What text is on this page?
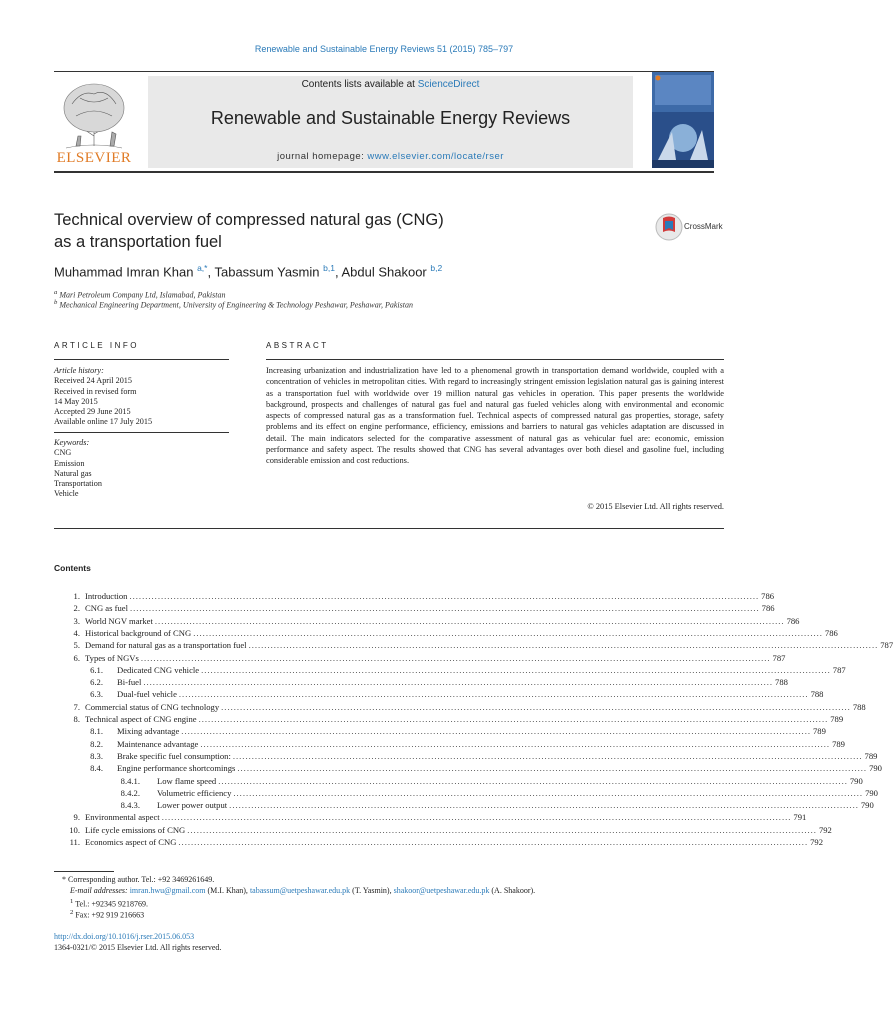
Renewable and Sustainable Energy Reviews 51 (2015) 785–797
ELSEVIER
Contents lists available at ScienceDirect
Renewable and Sustainable Energy Reviews
journal homepage: www.elsevier.com/locate/rser
Technical overview of compressed natural gas (CNG)
as a transportation fuel
CrossMark
Muhammad Imran Khan $^{a,*}$, Tabassum Yasmin $^{b,1}$, Abdul Shakoor $^{b,2}$
$^a$ Mari Petroleum Company Ltd, Islamabad, Pakistan
$^b$ Mechanical Engineering Department, University of Engineering & Technology Peshawar, Peshawar, Pakistan
ARTICLE INFO	ABSTRACT
Article history:
Received 24 April 2015
Received in revised form
14 May 2015
Accepted 29 June 2015
Available online 17 July 2015
Keywords:
CNG
Emission
Natural gas
Transportation
Vehicle
Increasing urbanization and industrialization have led to a phenomenal growth in transportation demand worldwide, coupled with a concentration of vehicles in metropolitan cities. With regard to increasingly stringent emission legislation natural gas is gaining interest as a transportation fuel with worldwide over 19 million natural gas vehicles in operation. This paper presents the worldwide background, prospects and challenges of natural gas fuel and natural gas fueled vehicles along with environmental and economic aspects of compressed natural gas as a transformation fuel. Technical aspects of compressed natural gas properties, storage, safety problems and its effect on engine performance, efficiency, emissions and barriers to natural gas vehicles adaptation are discussed in detail. The main indicators selected for the comparative assessment of natural gas as vehicular fuel are: economic, emission performance and safety aspect. The results showed that CNG has several advantages over both diesel and gasoline fuel, including considerable emission and cost reductions.
© 2015 Elsevier Ltd. All rights reserved.
Contents
1. Introduction ........................................................................................................................................................................................................ 786
2. CNG as fuel ........................................................................................................................................................................................................ 786
3. World NGV market ........................................................................................................................................................................................................ 786
4. Historical background of CNG ........................................................................................................................................................................................................ 786
5. Demand for natural gas as a transportation fuel ........................................................................................................................................................................................................ 787
6. Types of NGVs ........................................................................................................................................................................................................ 787
6.1. Dedicated CNG vehicle ........................................................................................................................................................................................................ 787
6.2. Bi-fuel ........................................................................................................................................................................................................ 788
6.3. Dual-fuel vehicle ........................................................................................................................................................................................................ 788
7. Commercial status of CNG technology ........................................................................................................................................................................................................ 788
8. Technical aspect of CNG engine ........................................................................................................................................................................................................ 789
8.1. Mixing advantage ........................................................................................................................................................................................................ 789
8.2. Maintenance advantage ........................................................................................................................................................................................................ 789
8.3. Brake specific fuel consumption: ........................................................................................................................................................................................................ 789
8.4. Engine performance shortcomings ........................................................................................................................................................................................................ 790
8.4.1. Low flame speed ........................................................................................................................................................................................................ 790
8.4.2. Volumetric efficiency ........................................................................................................................................................................................................ 790
8.4.3. Lower power output ........................................................................................................................................................................................................ 790
9. Environmental aspect ........................................................................................................................................................................................................ 791
10. Life cycle emissions of CNG ........................................................................................................................................................................................................ 792
11. Economics aspect of CNG ........................................................................................................................................................................................................ 792
* Corresponding author. Tel.: +92 3469261649.
E-mail addresses: imran.hwu@gmail.com (M.I. Khan), tabassum@uetpeshawar.edu.pk (T. Yasmin), shakoor@uetpeshawar.edu.pk (A. Shakoor).
$^1$ Tel.: +92345 9218769.
$^2$ Fax: +92 919 216663
http://dx.doi.org/10.1016/j.rser.2015.06.053
1364-0321/© 2015 Elsevier Ltd. All rights reserved.
